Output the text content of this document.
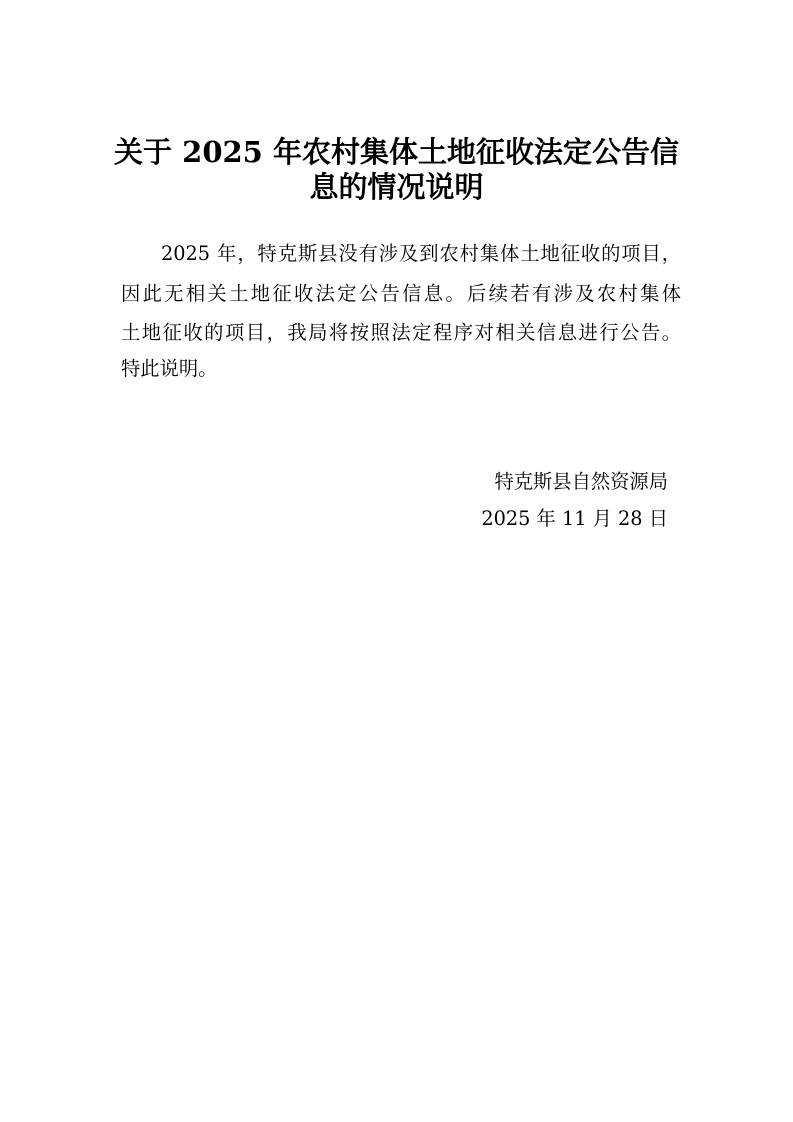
关于 2025 年农村集体土地征收法定公告信
息的情况说明
2025 年，特克斯县没有涉及到农村集体土地征收的项目，
因此无相关土地征收法定公告信息。后续若有涉及农村集体
土地征收的项目，我局将按照法定程序对相关信息进行公告。
特此说明。
特克斯县自然资源局
2025 年 11 月 28 日
